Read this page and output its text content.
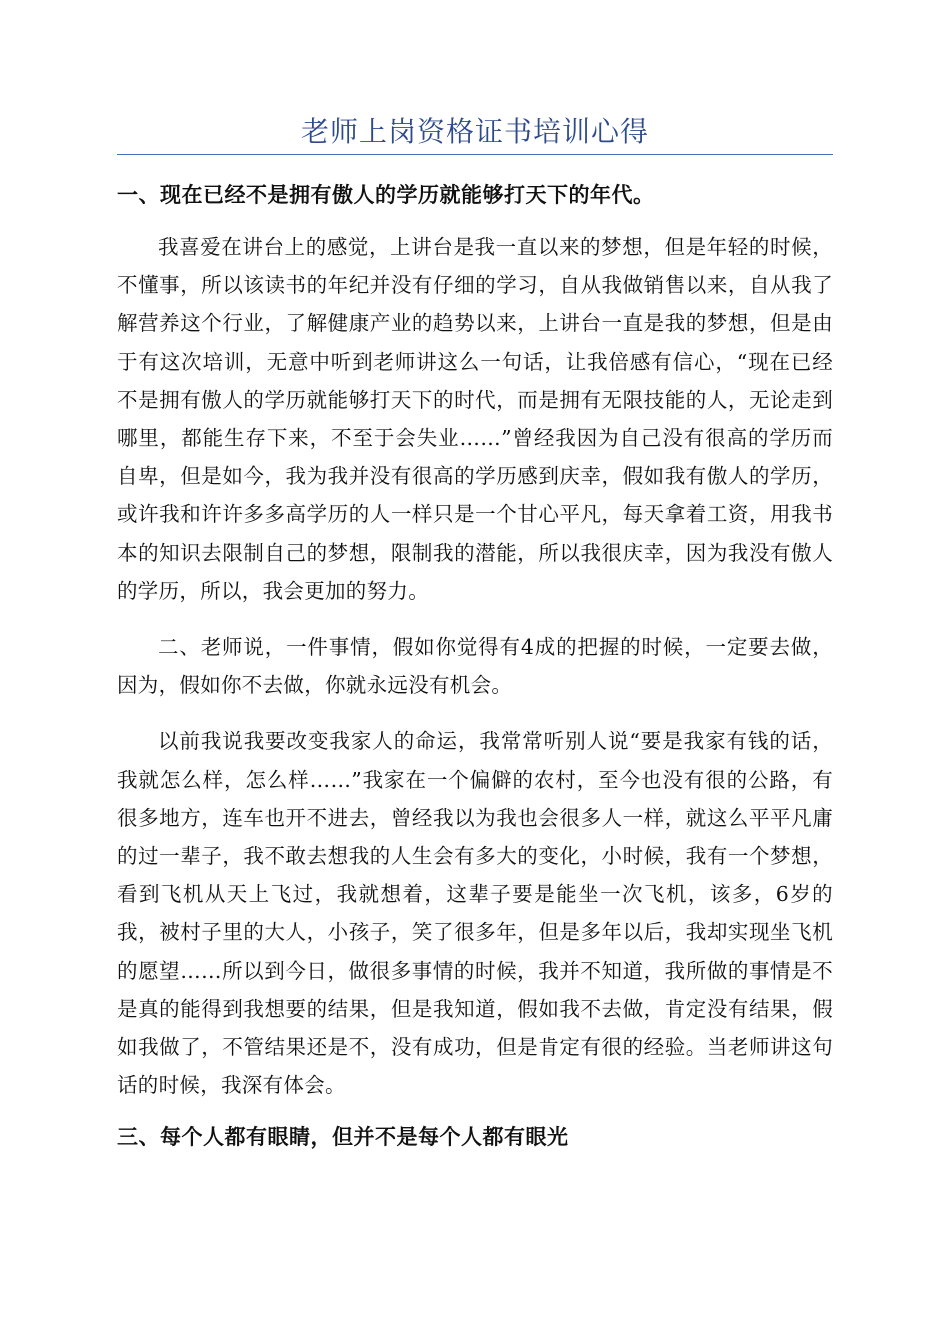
老师上岗资格证书培训心得

一、现在已经不是拥有傲人的学历就能够打天下的年代。

我喜爱在讲台上的感觉，上讲台是我一直以来的梦想，但是年轻的时候，不懂事，所以该读书的年纪并没有仔细的学习，自从我做销售以来，自从我了解营养这个行业，了解健康产业的趋势以来，上讲台一直是我的梦想，但是由于有这次培训，无意中听到老师讲这么一句话，让我倍感有信心，“现在已经不是拥有傲人的学历就能够打天下的时代，而是拥有无限技能的人，无论走到哪里，都能生存下来，不至于会失业……”曾经我因为自己没有很高的学历而自卑，但是如今，我为我并没有很高的学历感到庆幸，假如我有傲人的学历，或许我和许许多多高学历的人一样只是一个甘心平凡，每天拿着工资，用我书本的知识去限制自己的梦想，限制我的潜能，所以我很庆幸，因为我没有傲人的学历，所以，我会更加的努力。

二、老师说，一件事情，假如你觉得有4成的把握的时候，一定要去做，因为，假如你不去做，你就永远没有机会。

以前我说我要改变我家人的命运，我常常听别人说“要是我家有钱的话，我就怎么样，怎么样……”我家在一个偏僻的农村，至今也没有很的公路，有很多地方，连车也开不进去，曾经我以为我也会很多人一样，就这么平平凡庸的过一辈子，我不敢去想我的人生会有多大的变化，小时候，我有一个梦想，看到飞机从天上飞过，我就想着，这辈子要是能坐一次飞机，该多，6岁的我，被村子里的大人，小孩子，笑了很多年，但是多年以后，我却实现坐飞机的愿望……所以到今日，做很多事情的时候，我并不知道，我所做的事情是不是真的能得到我想要的结果，但是我知道，假如我不去做，肯定没有结果，假如我做了，不管结果还是不，没有成功，但是肯定有很的经验。当老师讲这句话的时候，我深有体会。

三、每个人都有眼睛，但并不是每个人都有眼光
